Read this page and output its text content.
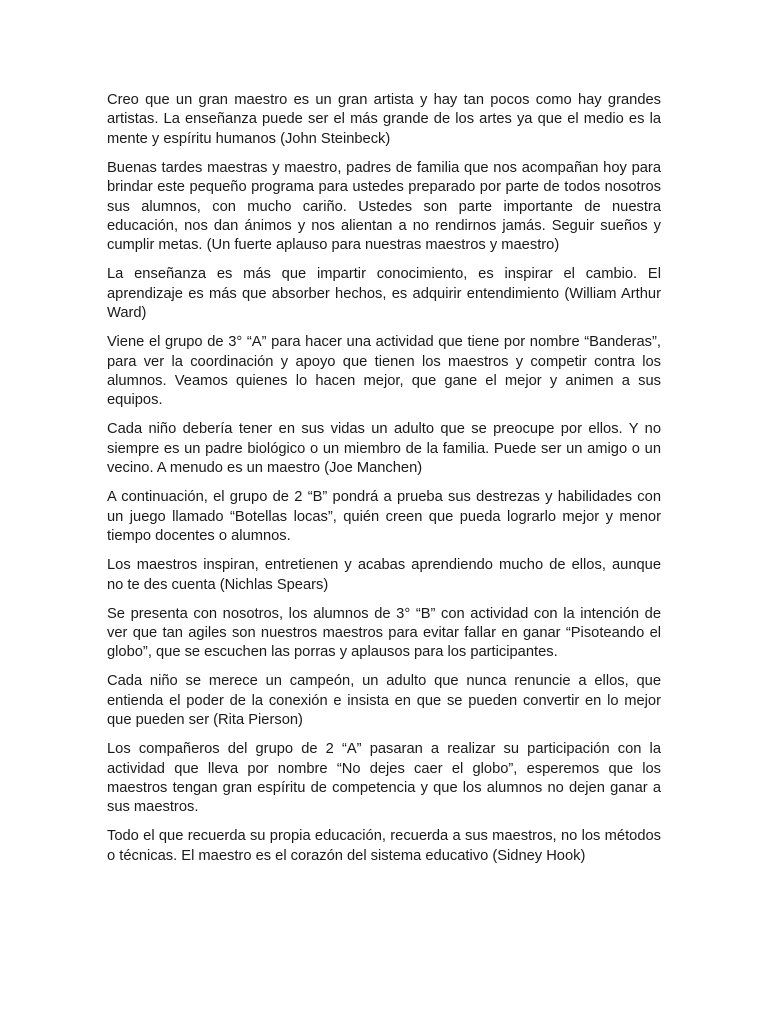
Creo que un gran maestro es un gran artista y hay tan pocos como hay grandes artistas. La enseñanza puede ser el más grande de los artes ya que el medio es la mente y espíritu humanos (John Steinbeck)

Buenas tardes maestras y maestro, padres de familia que nos acompañan hoy para brindar este pequeño programa para ustedes preparado por parte de todos nosotros sus alumnos, con mucho cariño. Ustedes son parte importante de nuestra educación, nos dan ánimos y nos alientan a no rendirnos jamás. Seguir sueños y cumplir metas. (Un fuerte aplauso para nuestras maestros y maestro)

La enseñanza es más que impartir conocimiento, es inspirar el cambio. El aprendizaje es más que absorber hechos, es adquirir entendimiento (William Arthur Ward)

Viene el grupo de 3° “A” para hacer una actividad que tiene por nombre “Banderas”, para ver la coordinación y apoyo que tienen los maestros y competir contra los alumnos. Veamos quienes lo hacen mejor, que gane el mejor y animen a sus equipos.

Cada niño debería tener en sus vidas un adulto que se preocupe por ellos. Y no siempre es un padre biológico o un miembro de la familia. Puede ser un amigo o un vecino. A menudo es un maestro (Joe Manchen)

A continuación, el grupo de 2 “B” pondrá a prueba sus destrezas y habilidades con un juego llamado “Botellas locas”, quién creen que pueda lograrlo mejor y menor tiempo docentes o alumnos.

Los maestros inspiran, entretienen y acabas aprendiendo mucho de ellos, aunque no te des cuenta (Nichlas Spears)

Se presenta con nosotros, los alumnos de 3° “B” con actividad con la intención de ver que tan agiles son nuestros maestros para evitar fallar en ganar “Pisoteando el globo”, que se escuchen las porras y aplausos para los participantes.

Cada niño se merece un campeón, un adulto que nunca renuncie a ellos, que entienda el poder de la conexión e insista en que se pueden convertir en lo mejor que pueden ser (Rita Pierson)

Los compañeros del grupo de 2 “A” pasaran a realizar su participación con la actividad que lleva por nombre “No dejes caer el globo”, esperemos que los maestros tengan gran espíritu de competencia y que los alumnos no dejen ganar a sus maestros.

Todo el que recuerda su propia educación, recuerda a sus maestros, no los métodos o técnicas. El maestro es el corazón del sistema educativo (Sidney Hook)
